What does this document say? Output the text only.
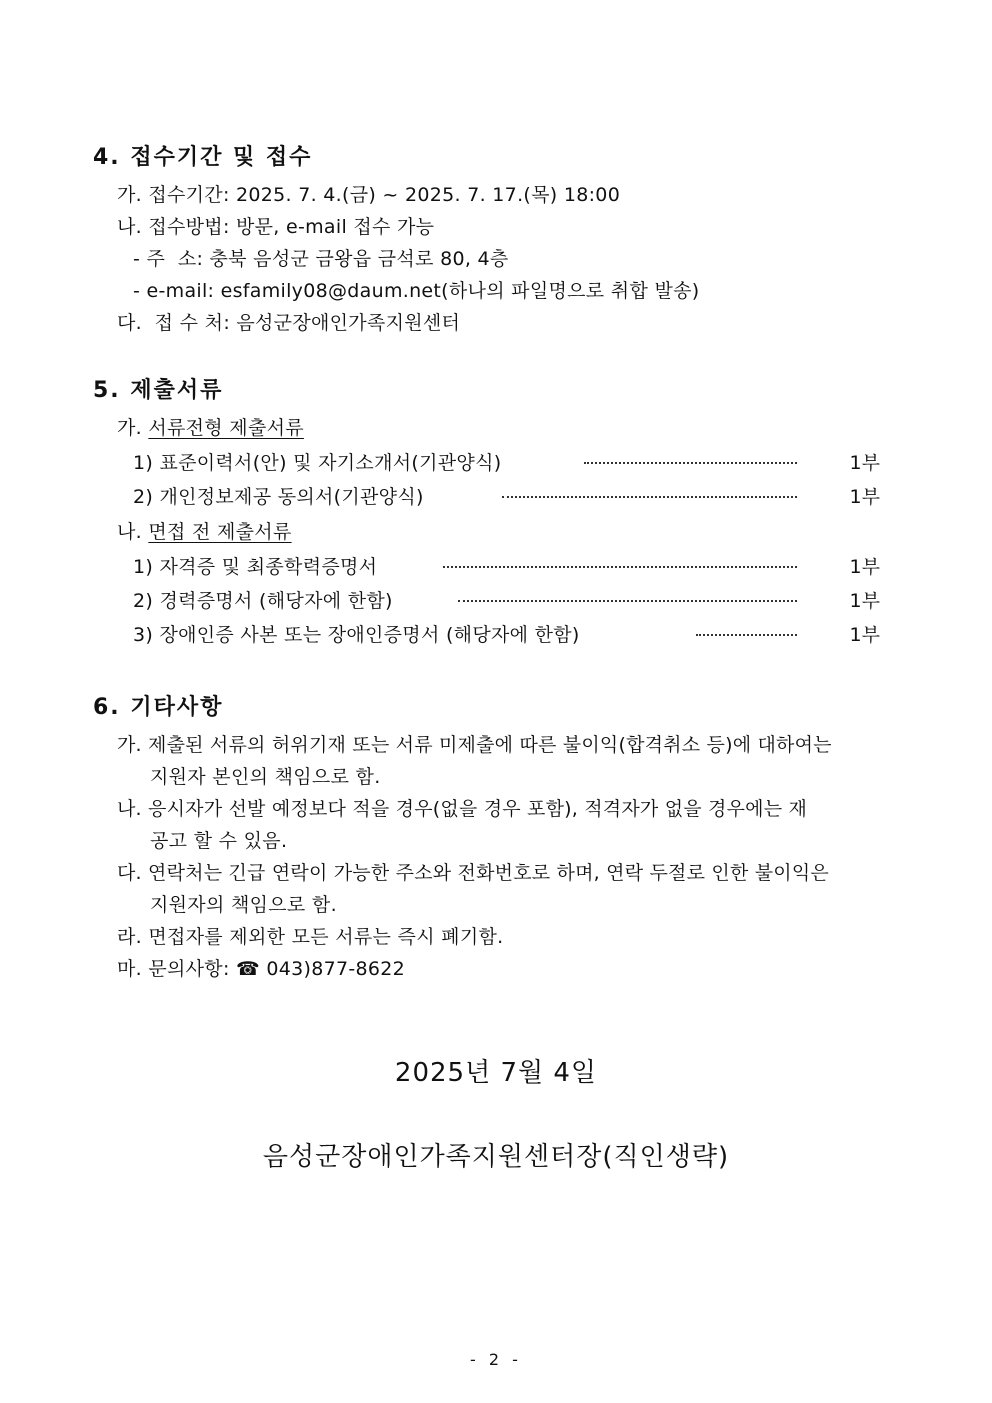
4. 접수기간 및 접수
가. 접수기간: 2025. 7. 4.(금) ~ 2025. 7. 17.(목) 18:00
나. 접수방법: 방문, e-mail 접수 가능
- 주  소: 충북 음성군 금왕읍 금석로 80, 4층
- e-mail: esfamily08@daum.net(하나의 파일명으로 취합 발송)
다.  접 수 처: 음성군장애인가족지원센터
5. 제출서류
가. 서류전형 제출서류
1) 표준이력서(안) 및 자기소개서(기관양식)	1부
2) 개인정보제공 동의서(기관양식)	1부
나. 면접 전 제출서류
1) 자격증 및 최종학력증명서	1부
2) 경력증명서 (해당자에 한함)	1부
3) 장애인증 사본 또는 장애인증명서 (해당자에 한함)	1부
6. 기타사항
가. 제출된 서류의 허위기재 또는 서류 미제출에 따른 불이익(합격취소 등)에 대하여는
지원자 본인의 책임으로 함.
나. 응시자가 선발 예정보다 적을 경우(없을 경우 포함), 적격자가 없을 경우에는 재
공고 할 수 있음.
다. 연락처는 긴급 연락이 가능한 주소와 전화번호로 하며, 연락 두절로 인한 불이익은
지원자의 책임으로 함.
라. 면접자를 제외한 모든 서류는 즉시 폐기함.
마. 문의사항: ☎ 043)877-8622
2025년 7월 4일
음성군장애인가족지원센터장(직인생략)
- 2 -
